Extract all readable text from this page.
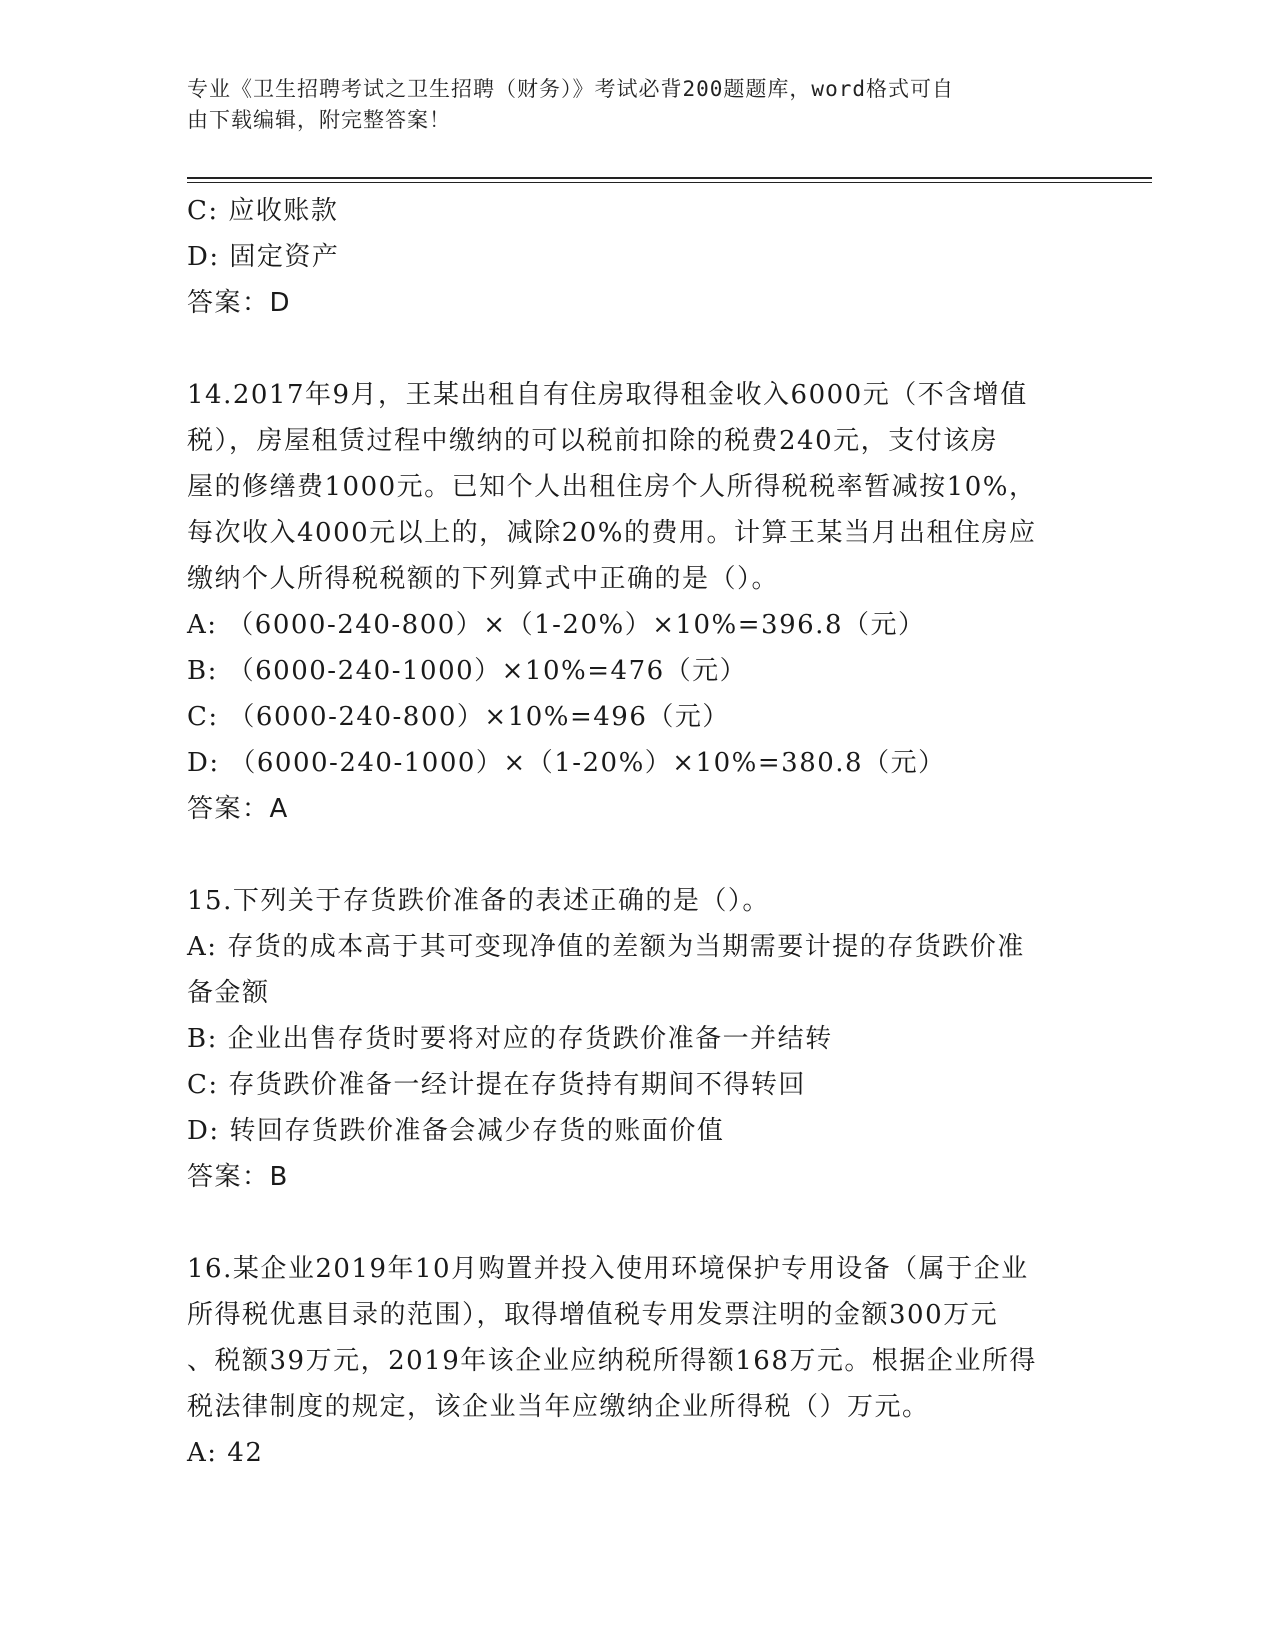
专业《卫生招聘考试之卫生招聘（财务）》考试必背200题题库，word格式可自
由下载编辑，附完整答案！
C: 应收账款
D: 固定资产
答案：D
14.2017年9月，王某出租自有住房取得租金收入6000元（不含增值
税），房屋租赁过程中缴纳的可以税前扣除的税费240元，支付该房
屋的修缮费1000元。已知个人出租住房个人所得税税率暂减按10%，
每次收入4000元以上的，减除20%的费用。计算王某当月出租住房应
缴纳个人所得税税额的下列算式中正确的是（）。
A: （6000-240-800）×（1-20%）×10%=396.8（元）
B: （6000-240-1000）×10%=476（元）
C: （6000-240-800）×10%=496（元）
D: （6000-240-1000）×（1-20%）×10%=380.8（元）
答案：A
15.下列关于存货跌价准备的表述正确的是（）。
A: 存货的成本高于其可变现净值的差额为当期需要计提的存货跌价准
备金额
B: 企业出售存货时要将对应的存货跌价准备一并结转
C: 存货跌价准备一经计提在存货持有期间不得转回
D: 转回存货跌价准备会减少存货的账面价值
答案：B
16.某企业2019年10月购置并投入使用环境保护专用设备（属于企业
所得税优惠目录的范围），取得增值税专用发票注明的金额300万元
、税额39万元，2019年该企业应纳税所得额168万元。根据企业所得
税法律制度的规定，该企业当年应缴纳企业所得税（）万元。
A: 42
